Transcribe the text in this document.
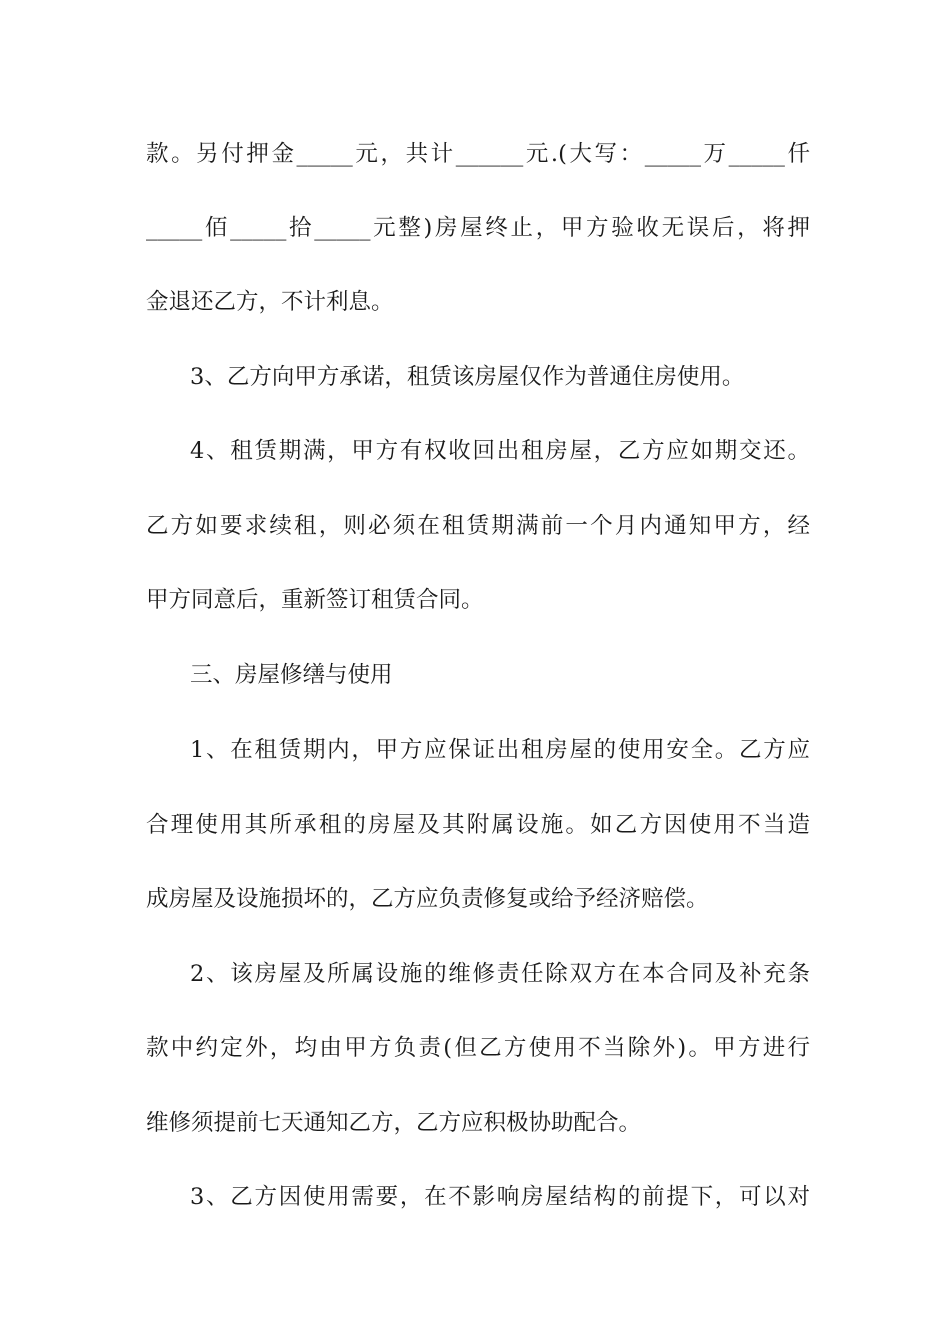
款。另付押金_____元，共计______元.(大写：_____万_____仟
_____佰_____拾_____元整)房屋终止，甲方验收无误后，将押
金退还乙方，不计利息。
3、乙方向甲方承诺，租赁该房屋仅作为普通住房使用。
4、租赁期满，甲方有权收回出租房屋，乙方应如期交还。
乙方如要求续租，则必须在租赁期满前一个月内通知甲方，经
甲方同意后，重新签订租赁合同。
三、房屋修缮与使用
1、在租赁期内，甲方应保证出租房屋的使用安全。乙方应
合理使用其所承租的房屋及其附属设施。如乙方因使用不当造
成房屋及设施损坏的，乙方应负责修复或给予经济赔偿。
2、该房屋及所属设施的维修责任除双方在本合同及补充条
款中约定外，均由甲方负责(但乙方使用不当除外)。甲方进行
维修须提前七天通知乙方，乙方应积极协助配合。
3、乙方因使用需要，在不影响房屋结构的前提下，可以对
